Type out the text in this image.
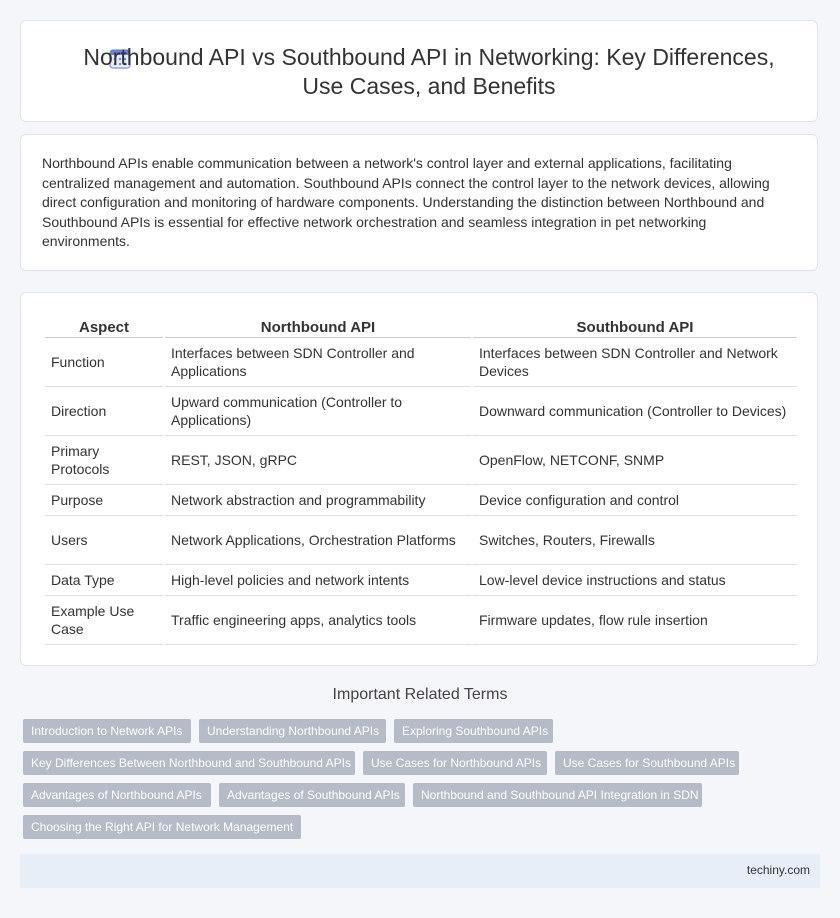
Northbound API vs Southbound API in Networking: Key Differences, Use Cases, and Benefits

Northbound APIs enable communication between a network's control layer and external applications, facilitating centralized management and automation. Southbound APIs connect the control layer to the network devices, allowing direct configuration and monitoring of hardware components. Understanding the distinction between Northbound and Southbound APIs is essential for effective network orchestration and seamless integration in pet networking environments.

Aspect	Northbound API	Southbound API
Function	Interfaces between SDN Controller and Applications	Interfaces between SDN Controller and Network Devices
Direction	Upward communication (Controller to Applications)	Downward communication (Controller to Devices)
Primary Protocols	REST, JSON, gRPC	OpenFlow, NETCONF, SNMP
Purpose	Network abstraction and programmability	Device configuration and control
Users	Network Applications, Orchestration Platforms	Switches, Routers, Firewalls
Data Type	High-level policies and network intents	Low-level device instructions and status
Example Use Case	Traffic engineering apps, analytics tools	Firmware updates, flow rule insertion
Important Related Terms
Introduction to Network APIs	Understanding Northbound APIs	Exploring Southbound APIs
Key Differences Between Northbound and Southbound APIs	Use Cases for Northbound APIs	Use Cases for Southbound APIs
Advantages of Northbound APIs	Advantages of Southbound APIs	Northbound and Southbound API Integration in SDN
Choosing the Right API for Network Management
techiny.com
